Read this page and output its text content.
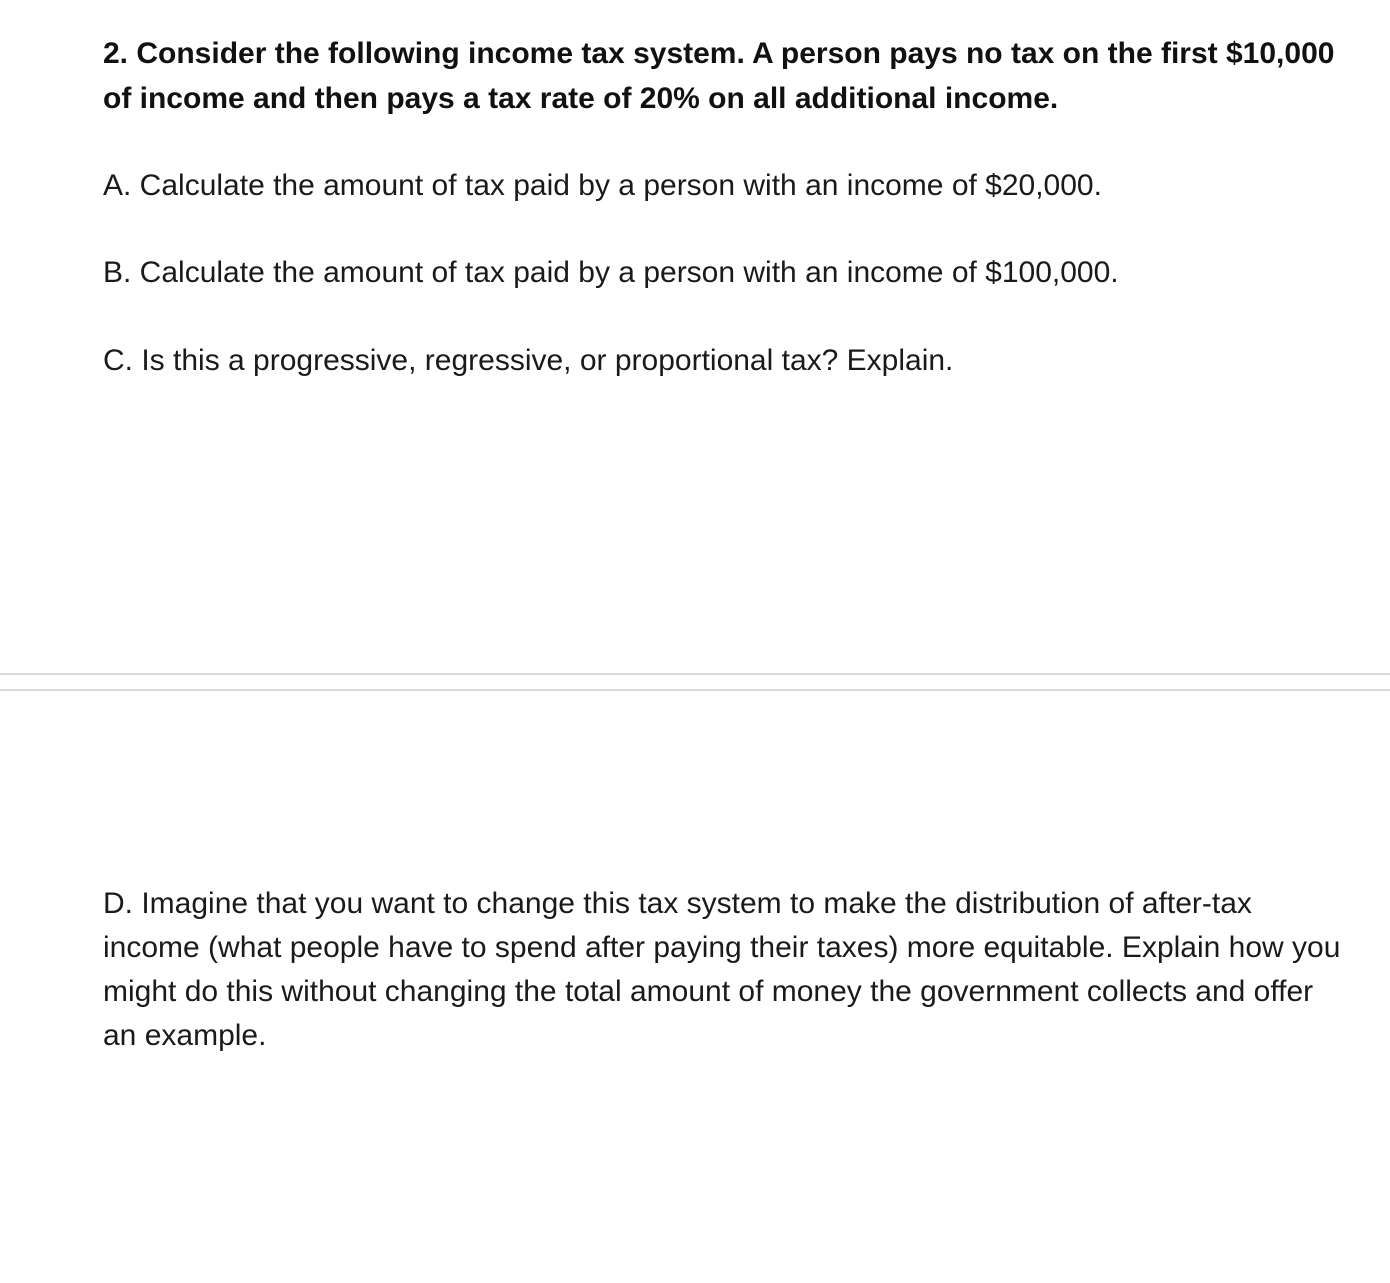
2. Consider the following income tax system. A person pays no tax on the first $10,000 of income and then pays a tax rate of 20% on all additional income.

A. Calculate the amount of tax paid by a person with an income of $20,000.

B. Calculate the amount of tax paid by a person with an income of $100,000.

C. Is this a progressive, regressive, or proportional tax? Explain.

D. Imagine that you want to change this tax system to make the distribution of after-tax income (what people have to spend after paying their taxes) more equitable. Explain how you might do this without changing the total amount of money the government collects and offer an example.
